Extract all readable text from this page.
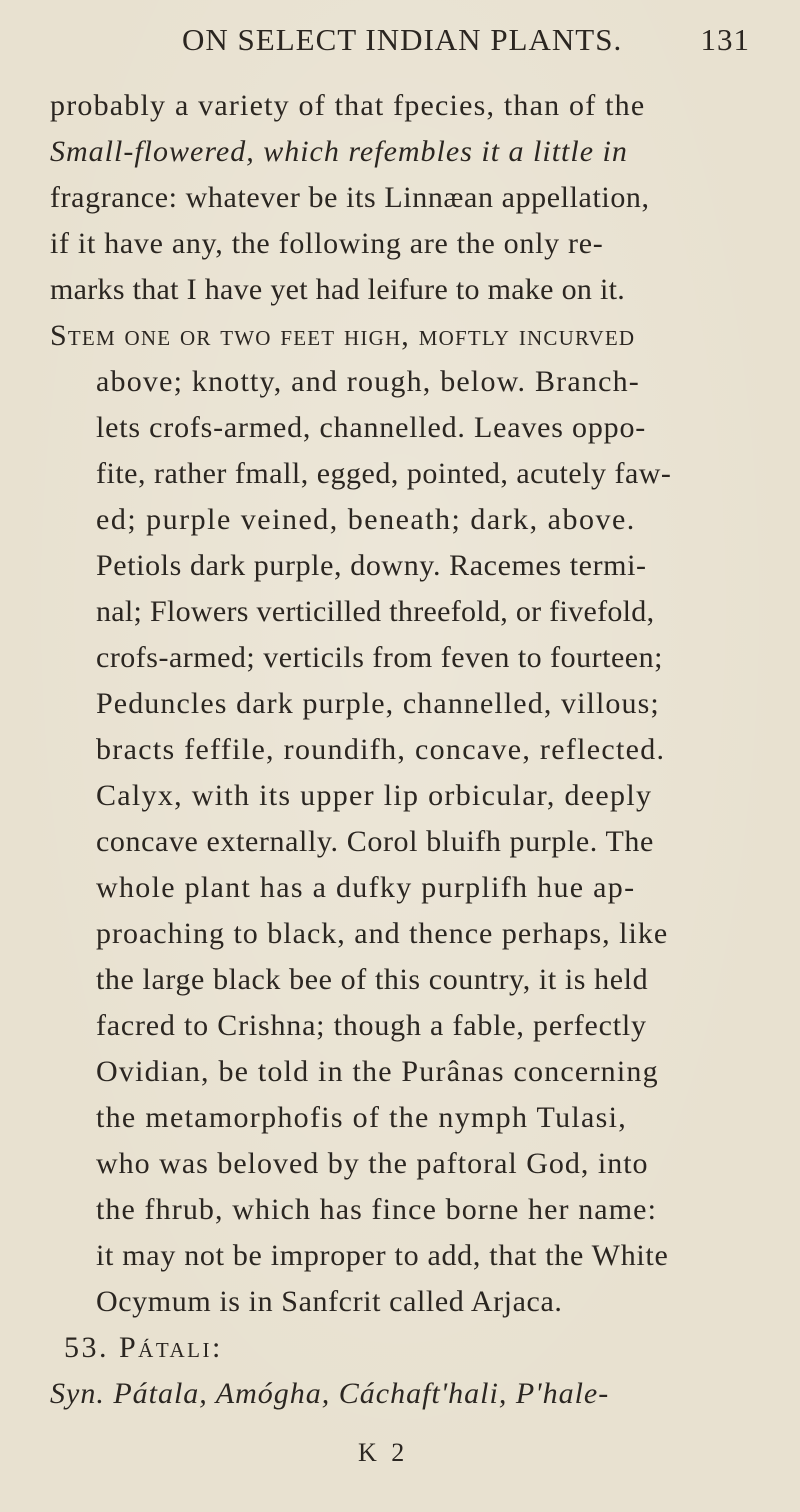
ON SELECT INDIAN PLANTS.	131
probably a variety of that fpecies, than of the
Small-flowered, which refembles it a little in
fragrance: whatever be its Linnæan appellation,
if it have any, the following are the only re-
marks that I have yet had leifure to make on it.
Stem one or two feet high, moftly incurved
above; knotty, and rough, below. Branch-
lets crofs-armed, channelled. Leaves oppo-
fite, rather fmall, egged, pointed, acutely faw-
ed; purple veined, beneath; dark, above.
Petiols dark purple, downy. Racemes termi-
nal; Flowers verticilled threefold, or fivefold,
crofs-armed; verticils from feven to fourteen;
Peduncles dark purple, channelled, villous;
bracts feffile, roundifh, concave, reflected.
Calyx, with its upper lip orbicular, deeply
concave externally. Corol bluifh purple. The
whole plant has a dufky purplifh hue ap-
proaching to black, and thence perhaps, like
the large black bee of this country, it is held
facred to Crishna; though a fable, perfectly
Ovidian, be told in the Purânas concerning
the metamorphofis of the nymph Tulasi,
who was beloved by the paftoral God, into
the fhrub, which has fince borne her name:
it may not be improper to add, that the White
Ocymum is in Sanfcrit called Arjaca.
53. Pátali:
Syn. Pátala, Amógha, Cáchaft'hali, P'hale-
K 2
